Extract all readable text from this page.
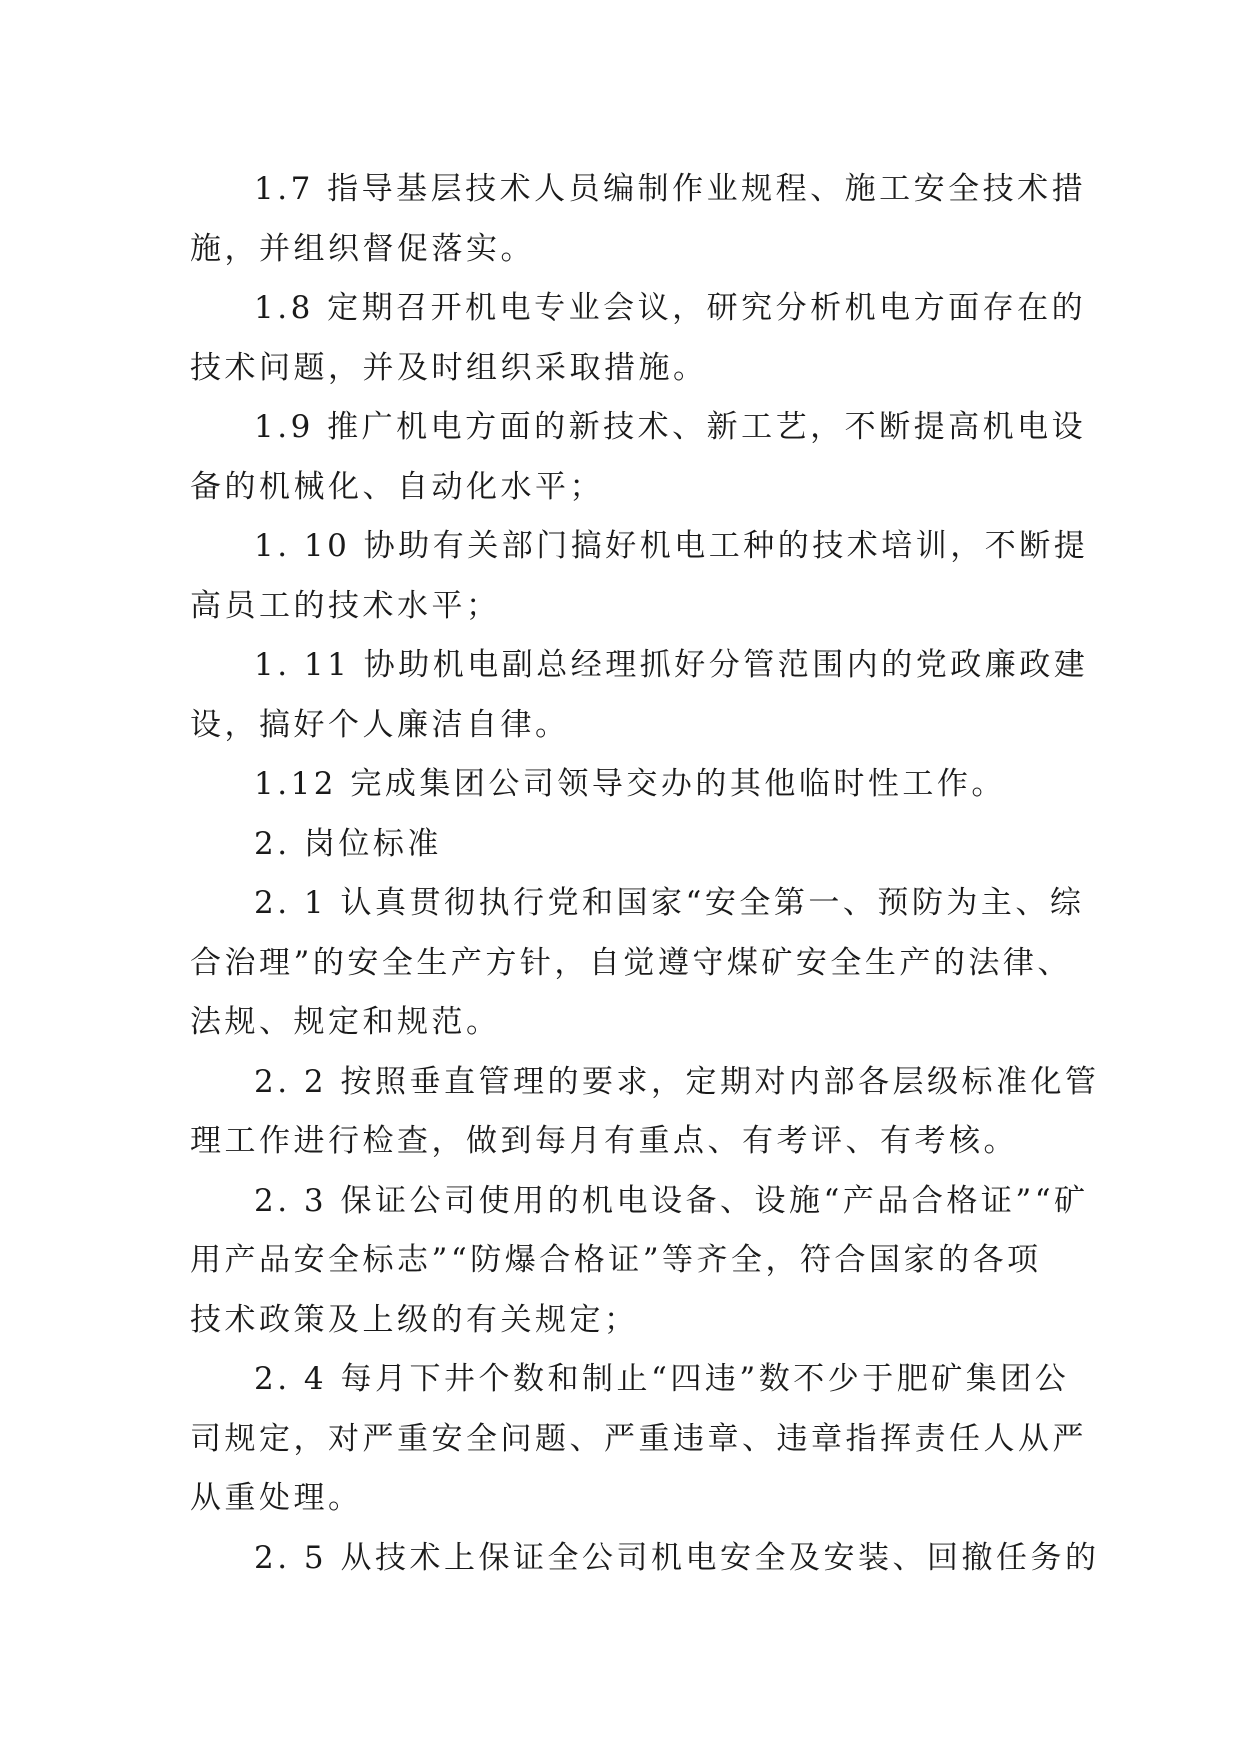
1.7 指导基层技术人员编制作业规程、施工安全技术措
施，并组织督促落实。
1.8 定期召开机电专业会议，研究分析机电方面存在的
技术问题，并及时组织采取措施。
1.9 推广机电方面的新技术、新工艺，不断提高机电设
备的机械化、自动化水平；
1. 10 协助有关部门搞好机电工种的技术培训，不断提
高员工的技术水平；
1. 11 协助机电副总经理抓好分管范围内的党政廉政建
设，搞好个人廉洁自律。
1.12 完成集团公司领导交办的其他临时性工作。
2. 岗位标准
2. 1 认真贯彻执行党和国家“安全第一、预防为主、综
合治理”的安全生产方针，自觉遵守煤矿安全生产的法律、
法规、规定和规范。
2. 2 按照垂直管理的要求，定期对内部各层级标准化管
理工作进行检查，做到每月有重点、有考评、有考核。
2. 3 保证公司使用的机电设备、设施“产品合格证”“矿
用产品安全标志”“防爆合格证”等齐全，符合国家的各项
技术政策及上级的有关规定；
2. 4 每月下井个数和制止“四违”数不少于肥矿集团公
司规定，对严重安全问题、严重违章、违章指挥责任人从严
从重处理。
2. 5 从技术上保证全公司机电安全及安装、回撤任务的
